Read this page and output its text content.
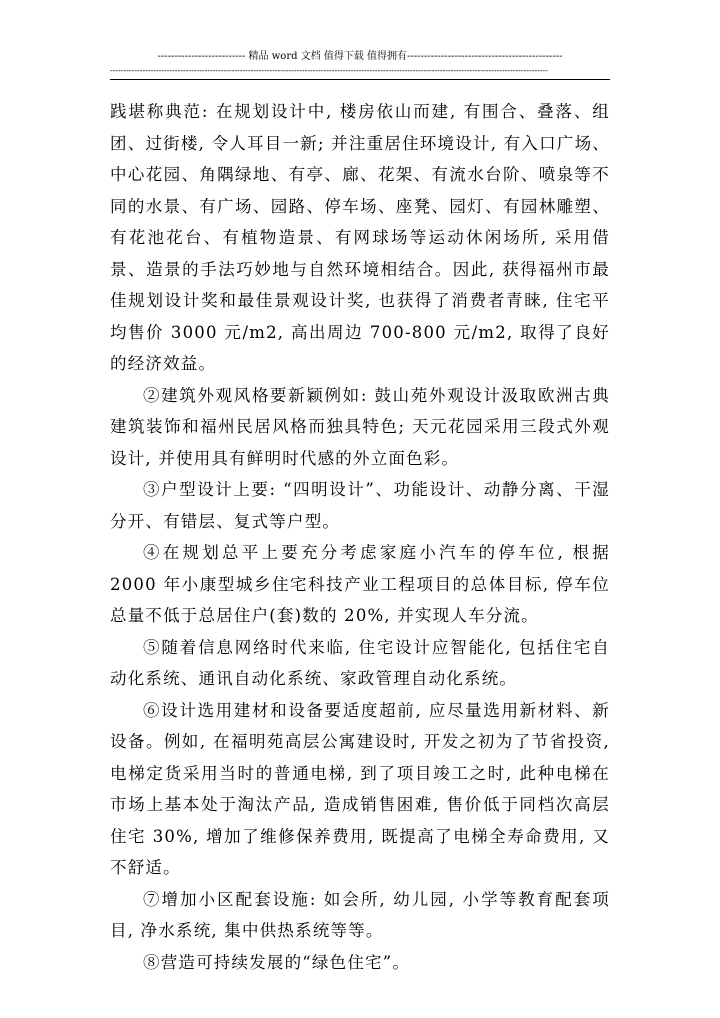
-------------------------- 精品 word 文档 值得下载 值得拥有----------------------------------------------
------------------------------------------------------------------------------------------------------------------------------------------------------------------

践堪称典范: 在规划设计中, 楼房依山而建, 有围合、叠落、组团、过街楼, 令人耳目一新; 并注重居住环境设计, 有入口广场、中心花园、角隅绿地、有亭、廊、花架、有流水台阶、喷泉等不同的水景、有广场、园路、停车场、座凳、园灯、有园林雕塑、有花池花台、有植物造景、有网球场等运动休闲场所, 采用借景、造景的手法巧妙地与自然环境相结合。因此, 获得福州市最佳规划设计奖和最佳景观设计奖, 也获得了消费者青睐, 住宅平均售价 3000 元/m2, 高出周边 700-800 元/m2, 取得了良好的经济效益。

②建筑外观风格要新颖例如: 鼓山苑外观设计汲取欧洲古典建筑装饰和福州民居风格而独具特色; 天元花园采用三段式外观设计, 并使用具有鲜明时代感的外立面色彩。

③户型设计上要: “四明设计”、功能设计、动静分离、干湿分开、有错层、复式等户型。

④在规划总平上要充分考虑家庭小汽车的停车位, 根据 2000 年小康型城乡住宅科技产业工程项目的总体目标, 停车位总量不低于总居住户(套)数的 20%, 并实现人车分流。

⑤随着信息网络时代来临, 住宅设计应智能化, 包括住宅自动化系统、通讯自动化系统、家政管理自动化系统。

⑥设计选用建材和设备要适度超前, 应尽量选用新材料、新设备。例如, 在福明苑高层公寓建设时, 开发之初为了节省投资, 电梯定货采用当时的普通电梯, 到了项目竣工之时, 此种电梯在市场上基本处于淘汰产品, 造成销售困难, 售价低于同档次高层住宅 30%, 增加了维修保养费用, 既提高了电梯全寿命费用, 又不舒适。

⑦增加小区配套设施: 如会所, 幼儿园, 小学等教育配套项目, 净水系统, 集中供热系统等等。

⑧营造可持续发展的“绿色住宅”。
